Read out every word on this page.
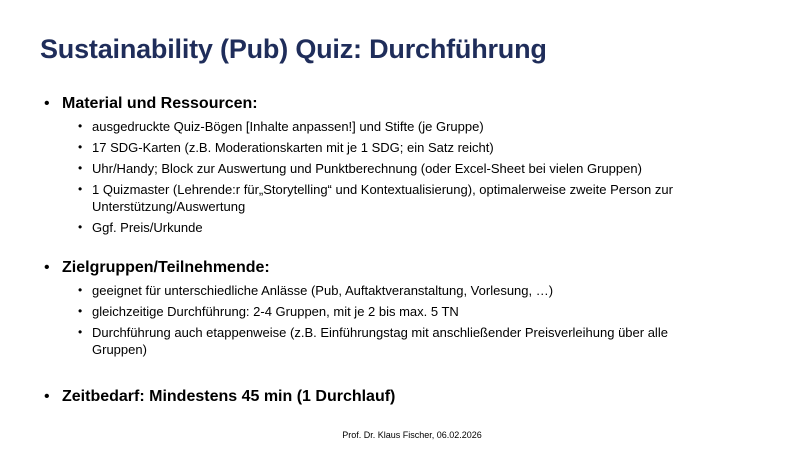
Sustainability (Pub) Quiz: Durchführung
• Material und Ressourcen:
• ausgedruckte Quiz-Bögen [Inhalte anpassen!] und Stifte (je Gruppe)
• 17 SDG-Karten (z.B. Moderationskarten mit je 1 SDG; ein Satz reicht)
• Uhr/Handy; Block zur Auswertung und Punktberechnung (oder Excel-Sheet bei vielen Gruppen)
• 1 Quizmaster (Lehrende:r für„Storytelling“ und Kontextualisierung), optimalerweise zweite Person zur Unterstützung/Auswertung
• Ggf. Preis/Urkunde
• Zielgruppen/Teilnehmende:
• geeignet für unterschiedliche Anlässe (Pub, Auftaktveranstaltung, Vorlesung, …)
• gleichzeitige Durchführung: 2-4 Gruppen, mit je 2 bis max. 5 TN
• Durchführung auch etappenweise (z.B. Einführungstag mit anschließender Preisverleihung über alle Gruppen)
• Zeitbedarf: Mindestens 45 min (1 Durchlauf)
Prof. Dr. Klaus Fischer, 06.02.2026
